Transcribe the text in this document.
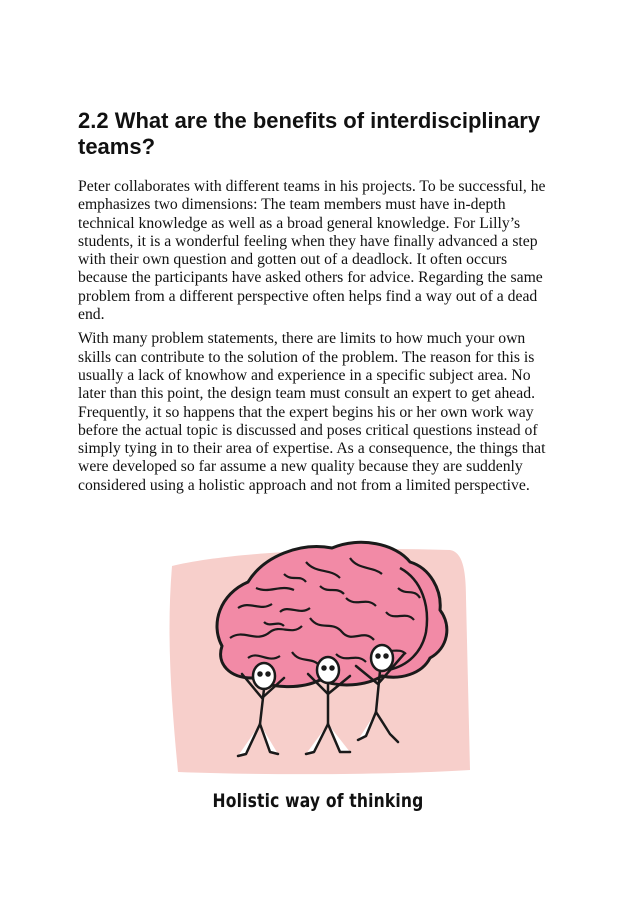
2.2 What are the benefits of interdisciplinary teams?

Peter collaborates with different teams in his projects. To be successful, he emphasizes two dimensions: The team members must have in-depth technical knowledge as well as a broad general knowledge. For Lilly’s students, it is a wonderful feeling when they have finally advanced a step with their own question and gotten out of a deadlock. It often occurs because the participants have asked others for advice. Regarding the same problem from a different perspective often helps find a way out of a dead end.

With many problem statements, there are limits to how much your own skills can contribute to the solution of the problem. The reason for this is usually a lack of knowhow and experience in a specific subject area. No later than this point, the design team must consult an expert to get ahead. Frequently, it so happens that the expert begins his or her own work way before the actual topic is discussed and poses critical questions instead of simply tying in to their area of expertise. As a consequence, the things that were developed so far assume a new quality because they are suddenly considered using a holistic approach and not from a limited perspective.

Holistic way of thinking
